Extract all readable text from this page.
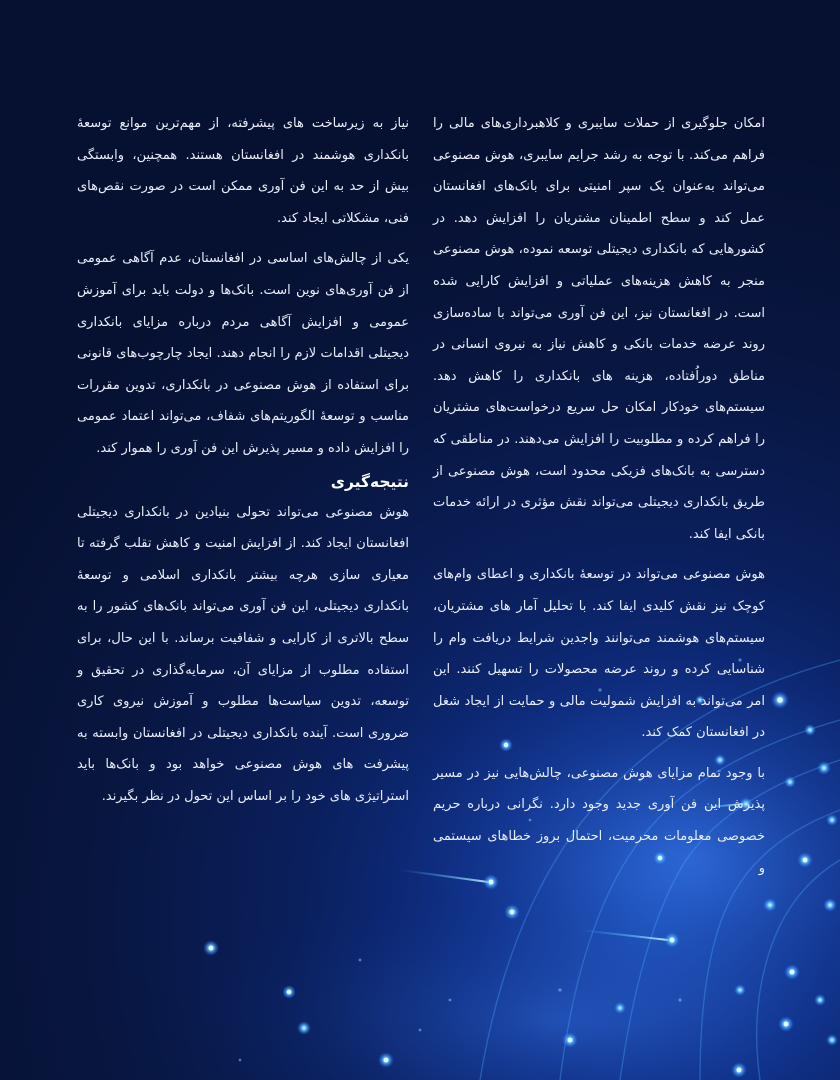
امکان جلوگیری از حملات سایبری و کلاهبرداری‌های مالی را فراهم می‌کند. با توجه به رشد جرایم سایبری، هوش مصنوعی می‌تواند به‌عنوان یک سپر امنیتی برای بانک‌های افغانستان عمل کند و سطح اطمینان مشتریان را افزایش دهد. در کشورهایی که بانکداری دیجیتلی توسعه نموده، هوش مصنوعی منجر به کاهش هزینه‌های عملیاتی و افزایش کارایی شده است. در افغانستان نیز، این فن آوری می‌تواند با ساده‌سازی روند عرضه خدمات بانکی و کاهش نیاز به نیروی انسانی در مناطق دوراُفتاده، هزینه های بانکداری را کاهش دهد. سیستم‌های خودکار امکان حل سریع درخواست‌های مشتریان را فراهم کرده و مطلوبیت را افزایش می‌دهند. در مناطقی که دسترسی به بانک‌های فزیکی محدود است، هوش مصنوعی از طریق بانکداری دیجیتلی می‌تواند نقش مؤثری در ارائه خدمات بانکی ایفا کند.

هوش مصنوعی می‌تواند در توسعۀ بانکداری و اعطای وام‌های کوچک نیز نقش کلیدی ایفا کند. با تحلیل آمار های مشتریان، سیستم‌های هوشمند می‌توانند واجدین شرایط دریافت وام را شناسایی کرده و روند عرضه محصولات را تسهیل کنند. این امر می‌تواند به افزایش شمولیت مالی و حمایت از ایجاد شغل در افغانستان کمک کند.

با وجود تمام مزایای هوش مصنوعی، چالش‌هایی نیز در مسیر پذیرش این فن آوری جدید وجود دارد. نگرانی درباره حریم خصوصی معلومات محرمیت، احتمال بروز خطاهای سیستمی و

نیاز به زیرساخت های پیشرفته، از مهم‌ترین موانع توسعۀ بانکداری هوشمند در افغانستان هستند. همچنین، وابستگی بیش از حد به این فن آوری ممکن است در صورت نقص‌های فنی، مشکلاتی ایجاد کند.

یکی از چالش‌های اساسی در افغانستان، عدم آگاهی عمومی از فن آوری‌های نوین است. بانک‌ها و دولت باید برای آموزش عمومی و افزایش آگاهی مردم درباره مزایای بانکداری دیجیتلی اقدامات لازم را انجام دهند. ایجاد چارچوب‌های قانونی برای استفاده از هوش مصنوعی در بانکداری، تدوین مقررات مناسب و توسعۀ الگوریتم‌های شفاف، می‌تواند اعتماد عمومی را افزایش داده و مسیر پذیرش این فن آوری را هموار کند.

نتیجه‌گیری

هوش مصنوعی می‌تواند تحولی بنیادین در بانکداری دیجیتلی افغانستان ایجاد کند. از افزایش امنیت و کاهش تقلب گرفته تا معیاری سازی هرچه بیشتر بانکداری اسلامی و توسعۀ بانکداری دیجیتلی، این فن آوری می‌تواند بانک‌های کشور را به سطح بالاتری از کارایی و شفافیت برساند. با این حال، برای استفاده مطلوب از مزایای آن، سرمایه‌گذاری در تحقیق و توسعه، تدوین سیاست‌ها مطلوب و آموزش نیروی کاری ضروری است. آینده بانکداری دیجیتلی در افغانستان وابسته به پیشرفت های هوش مصنوعی خواهد بود و بانک‌ها باید استراتیژی های خود را بر اساس این تحول در نظر بگیرند.
